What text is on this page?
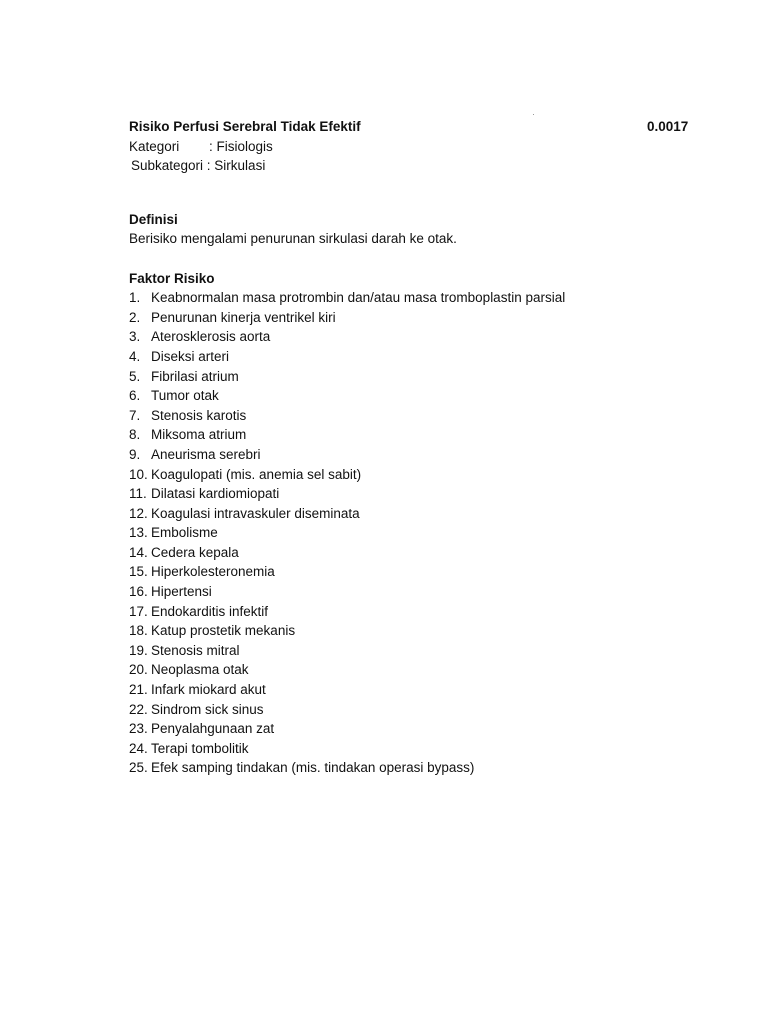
Risiko Perfusi Serebral Tidak Efektif	0.0017
Kategori	: Fisiologis
Subkategori : Sirkulasi
Definisi
Berisiko mengalami penurunan sirkulasi darah ke otak.
Faktor Risiko
1. Keabnormalan masa protrombin dan/atau masa tromboplastin parsial
2. Penurunan kinerja ventrikel kiri
3. Aterosklerosis aorta
4. Diseksi arteri
5. Fibrilasi atrium
6. Tumor otak
7. Stenosis karotis
8. Miksoma atrium
9. Aneurisma serebri
10. Koagulopati (mis. anemia sel sabit)
11. Dilatasi kardiomiopati
12. Koagulasi intravaskuler diseminata
13. Embolisme
14. Cedera kepala
15. Hiperkolesteronemia
16. Hipertensi
17. Endokarditis infektif
18. Katup prostetik mekanis
19. Stenosis mitral
20. Neoplasma otak
21. Infark miokard akut
22. Sindrom sick sinus
23. Penyalahgunaan zat
24. Terapi tombolitik
25. Efek samping tindakan (mis. tindakan operasi bypass)
